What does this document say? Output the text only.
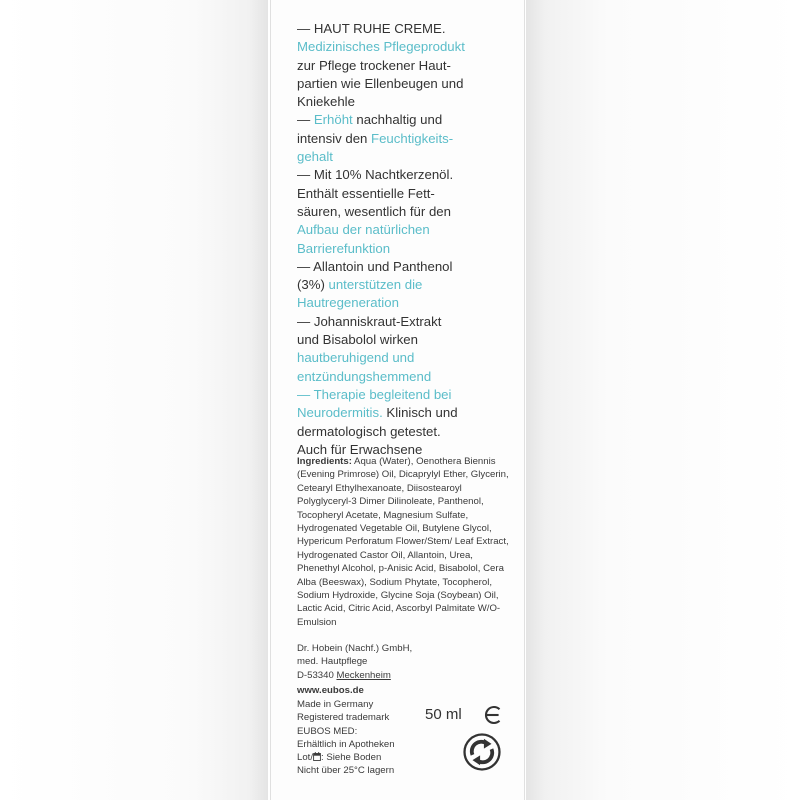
— HAUT RUHE CREME.

Medizinisches Pflegeprodukt

zur Pflege trockener Haut-

partien wie Ellenbeugen und

Kniekehle

— Erhöht nachhaltig und

intensiv den Feuchtigkeits-

gehalt

— Mit 10% Nachtkerzenöl.

Enthält essentielle Fett-

säuren, wesentlich für den

Aufbau der natürlichen

Barrierefunktion

— Allantoin und Panthenol

(3%) unterstützen die

Hautregeneration

— Johanniskraut-Extrakt

und Bisabolol wirken

hautberuhigend und

entzündungshemmend

— Therapie begleitend bei

Neurodermitis. Klinisch und

dermatologisch getestet.

Auch für Erwachsene

Ingredients: Aqua (Water), Oenothera Biennis (Evening Primrose) Oil, Dicaprylyl Ether, Glycerin, Cetearyl Ethylhexanoate, Diisostearoyl Polyglyceryl-3 Dimer Dilinoleate, Panthenol, Tocopheryl Acetate, Magnesium Sulfate, Hydrogenated Vegetable Oil, Butylene Glycol, Hypericum Perforatum Flower/Stem/ Leaf Extract, Hydrogenated Castor Oil, Allantoin, Urea, Phenethyl Alcohol, p-Anisic Acid, Bisabolol, Cera Alba (Beeswax), Sodium Phytate, Tocopherol, Sodium Hydroxide, Glycine Soja (Soybean) Oil, Lactic Acid, Citric Acid, Ascorbyl Palmitate W/O-Emulsion
Dr. Hobein (Nachf.) GmbH,
med. Hautpflege
D-53340 Meckenheim
www.eubos.de
Made in Germany
Registered trademark
EUBOS MED:
Erhältlich in Apotheken
Lot/ : Siehe Boden
Nicht über 25°C lagern
50 ml
